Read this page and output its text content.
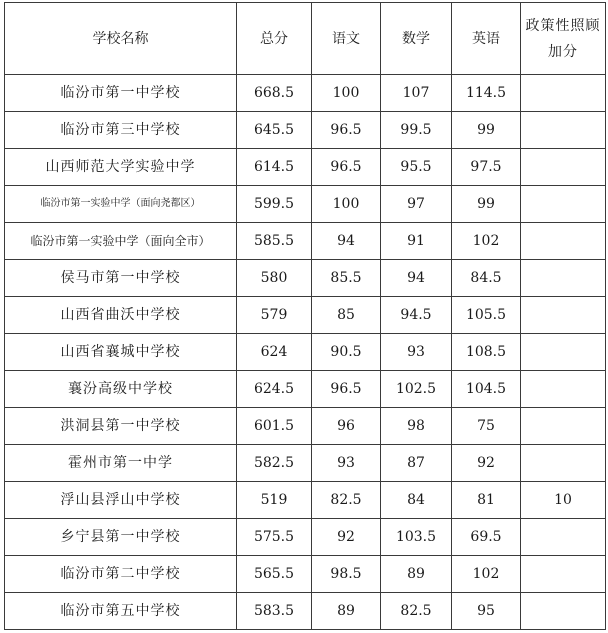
学校名称	总分	语文	数学	英语	政策性照顾加分
临汾市第一中学校	668.5	100	107	114.5	
临汾市第三中学校	645.5	96.5	99.5	99	
山西师范大学实验中学	614.5	96.5	95.5	97.5	
临汾市第一实验中学（面向尧都区）	599.5	100	97	99	
临汾市第一实验中学（面向全市）	585.5	94	91	102	
侯马市第一中学校	580	85.5	94	84.5	
山西省曲沃中学校	579	85	94.5	105.5	
山西省襄城中学校	624	90.5	93	108.5	
襄汾高级中学校	624.5	96.5	102.5	104.5	
洪洞县第一中学校	601.5	96	98	75	
霍州市第一中学	582.5	93	87	92	
浮山县浮山中学校	519	82.5	84	81	10
乡宁县第一中学校	575.5	92	103.5	69.5	
临汾市第二中学校	565.5	98.5	89	102	
临汾市第五中学校	583.5	89	82.5	95	
